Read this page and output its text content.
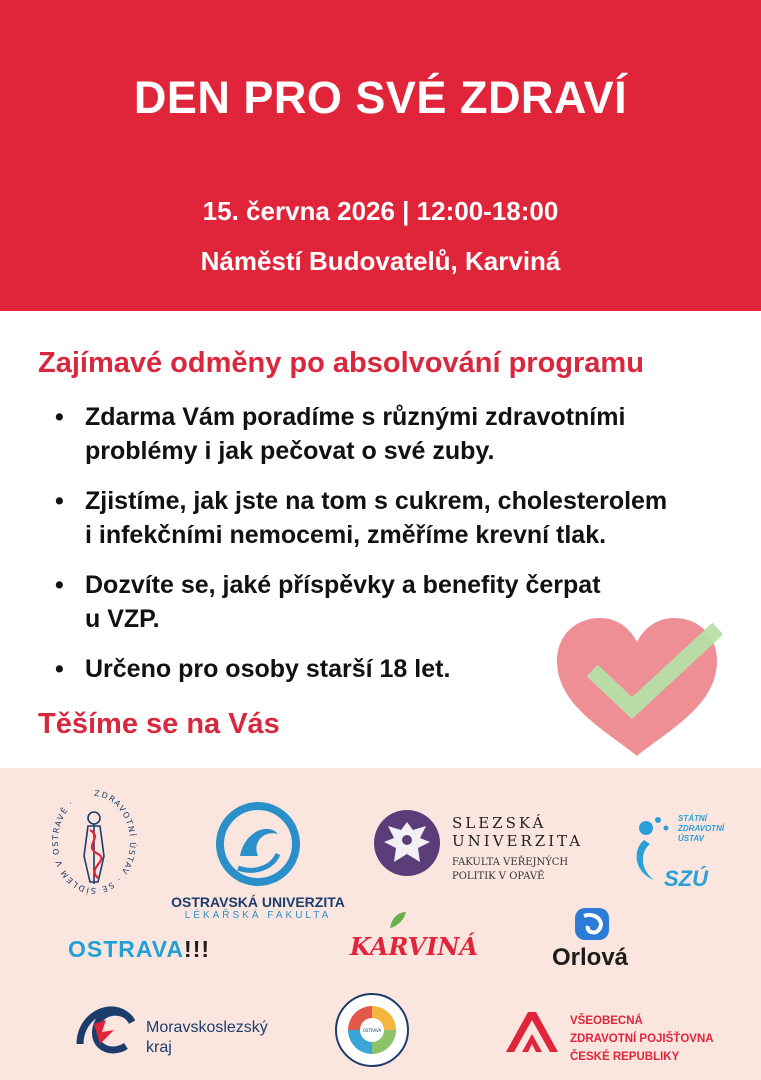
DEN PRO SVÉ ZDRAVÍ
15. června 2026 | 12:00-18:00
Náměstí Budovatelů, Karviná
Zajímavé odměny po absolvování programu
• Zdarma Vám poradíme s různými zdravotními
problémy i jak pečovat o své zuby.
• Zjistíme, jak jste na tom s cukrem, cholesterolem
i infekčními nemocemi, změříme krevní tlak.
• Dozvíte se, jaké příspěvky a benefity čerpat
u VZP.
• Určeno pro osoby starší 18 let.
Těšíme se na Vás
ZDRAVOTNÍ ÚSTAV · SE SÍDLEM V OSTRAVĚ ·
OSTRAVSKÁ UNIVERZITA
LÉKAŘSKÁ FAKULTA
SLEZSKÁ
UNIVERZITA
FAKULTA VEŘEJNÝCH
POLITIK V OPAVĚ
STÁTNÍ
ZDRAVOTNÍ
ÚSTAV
SZÚ
OSTRAVA!!!	KARVINÁ	Orlová
Moravskoslezský
kraj
OSTRAVA
VŠEOBECNÁ
ZDRAVOTNÍ POJIŠŤOVNA
ČESKÉ REPUBLIKY
